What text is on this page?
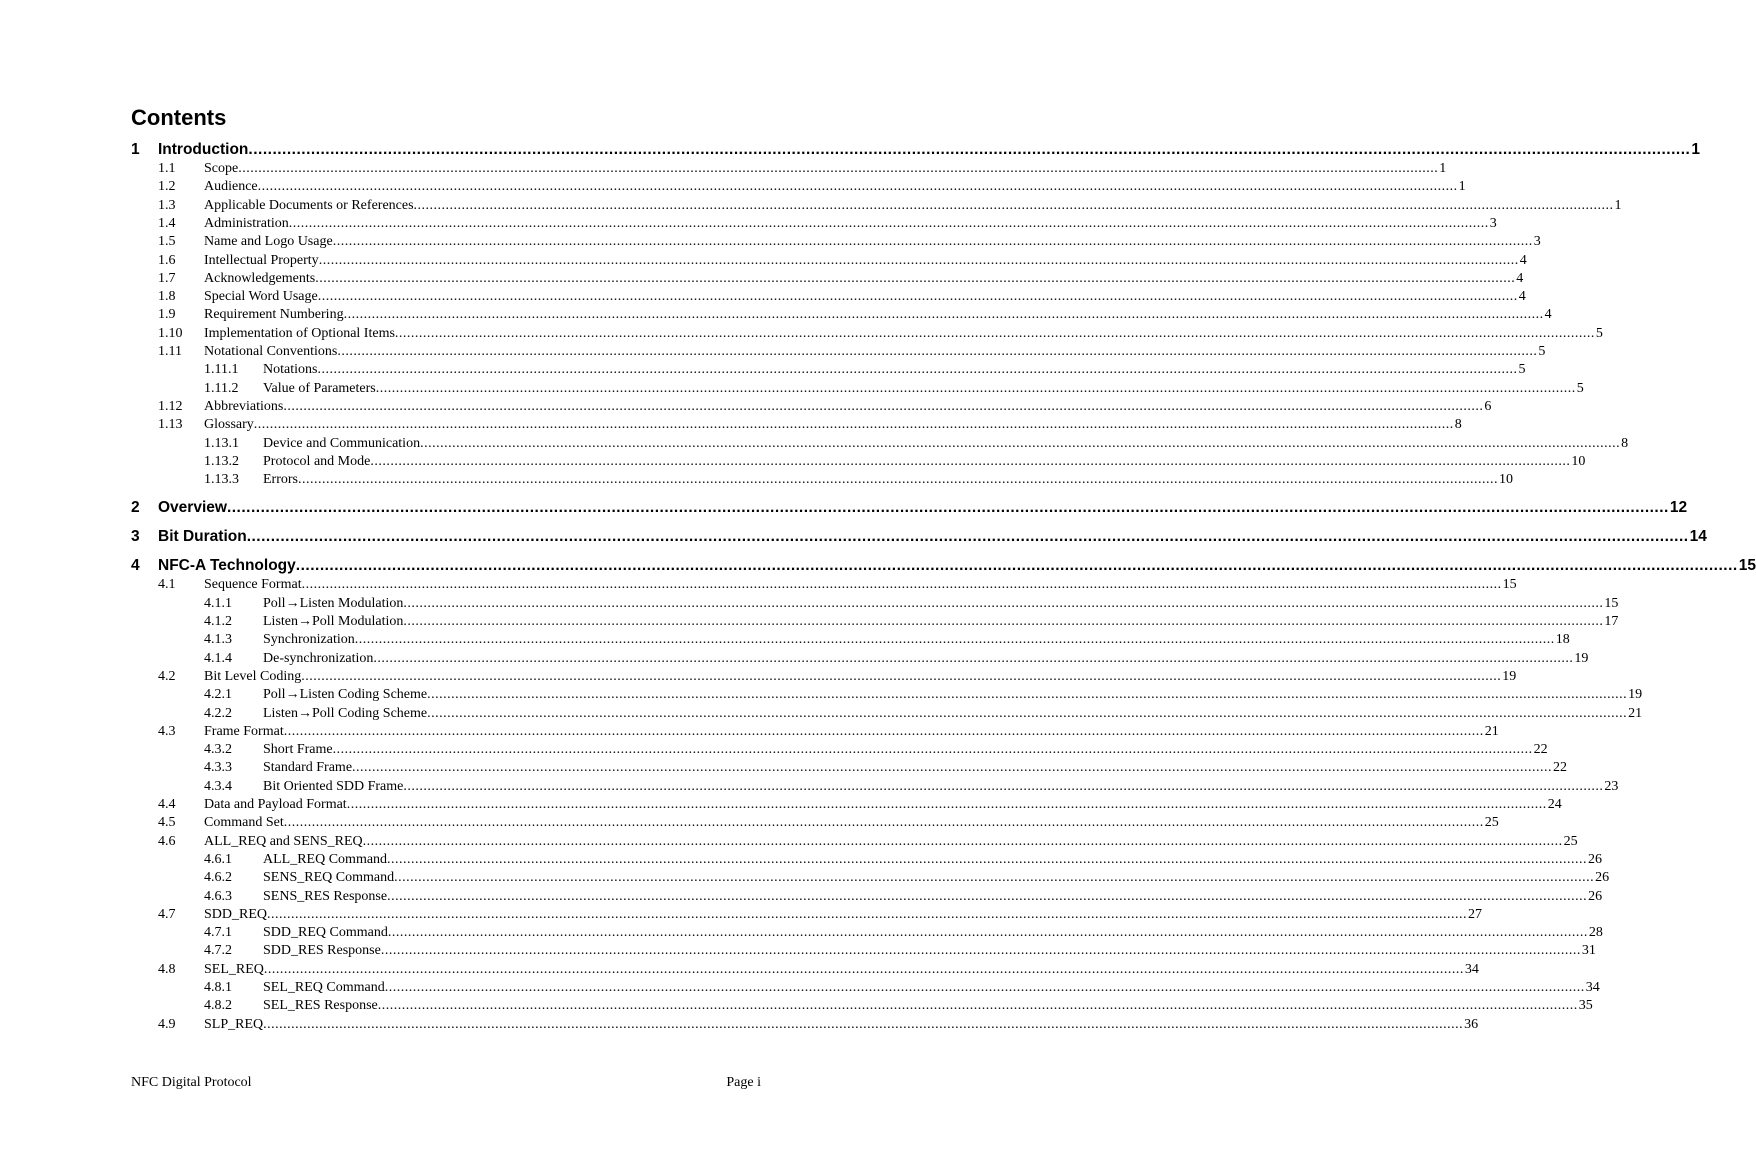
Contents
1	Introduction ............................................................................................................................................................................................................................................................................................................ 1
1.1	Scope ............................................................................................................................................................................................................................................................................................................ 1
1.2	Audience ............................................................................................................................................................................................................................................................................................................ 1
1.3	Applicable Documents or References ............................................................................................................................................................................................................................................................................................................ 1
1.4	Administration ............................................................................................................................................................................................................................................................................................................ 3
1.5	Name and Logo Usage ............................................................................................................................................................................................................................................................................................................ 3
1.6	Intellectual Property ............................................................................................................................................................................................................................................................................................................ 4
1.7	Acknowledgements ............................................................................................................................................................................................................................................................................................................ 4
1.8	Special Word Usage ............................................................................................................................................................................................................................................................................................................ 4
1.9	Requirement Numbering ............................................................................................................................................................................................................................................................................................................ 4
1.10	Implementation of Optional Items ............................................................................................................................................................................................................................................................................................................ 5
1.11	Notational Conventions ............................................................................................................................................................................................................................................................................................................ 5
1.11.1	Notations ............................................................................................................................................................................................................................................................................................................ 5
1.11.2	Value of Parameters ............................................................................................................................................................................................................................................................................................................ 5
1.12	Abbreviations ............................................................................................................................................................................................................................................................................................................ 6
1.13	Glossary ............................................................................................................................................................................................................................................................................................................ 8
1.13.1	Device and Communication ............................................................................................................................................................................................................................................................................................................ 8
1.13.2	Protocol and Mode ............................................................................................................................................................................................................................................................................................................ 10
1.13.3	Errors ............................................................................................................................................................................................................................................................................................................ 10
2	Overview ............................................................................................................................................................................................................................................................................................................ 12
3	Bit Duration ............................................................................................................................................................................................................................................................................................................ 14
4	NFC-A Technology ............................................................................................................................................................................................................................................................................................................ 15
4.1	Sequence Format ............................................................................................................................................................................................................................................................................................................ 15
4.1.1	Poll→Listen Modulation ............................................................................................................................................................................................................................................................................................................ 15
4.1.2	Listen→Poll Modulation ............................................................................................................................................................................................................................................................................................................ 17
4.1.3	Synchronization ............................................................................................................................................................................................................................................................................................................ 18
4.1.4	De-synchronization ............................................................................................................................................................................................................................................................................................................ 19
4.2	Bit Level Coding ............................................................................................................................................................................................................................................................................................................ 19
4.2.1	Poll→Listen Coding Scheme ............................................................................................................................................................................................................................................................................................................ 19
4.2.2	Listen→Poll Coding Scheme ............................................................................................................................................................................................................................................................................................................ 21
4.3	Frame Format ............................................................................................................................................................................................................................................................................................................ 21
4.3.2	Short Frame ............................................................................................................................................................................................................................................................................................................ 22
4.3.3	Standard Frame ............................................................................................................................................................................................................................................................................................................ 22
4.3.4	Bit Oriented SDD Frame ............................................................................................................................................................................................................................................................................................................ 23
4.4	Data and Payload Format ............................................................................................................................................................................................................................................................................................................ 24
4.5	Command Set ............................................................................................................................................................................................................................................................................................................ 25
4.6	ALL_REQ and SENS_REQ ............................................................................................................................................................................................................................................................................................................ 25
4.6.1	ALL_REQ Command ............................................................................................................................................................................................................................................................................................................ 26
4.6.2	SENS_REQ Command ............................................................................................................................................................................................................................................................................................................ 26
4.6.3	SENS_RES Response ............................................................................................................................................................................................................................................................................................................ 26
4.7	SDD_REQ ............................................................................................................................................................................................................................................................................................................ 27
4.7.1	SDD_REQ Command ............................................................................................................................................................................................................................................................................................................ 28
4.7.2	SDD_RES Response ............................................................................................................................................................................................................................................................................................................ 31
4.8	SEL_REQ ............................................................................................................................................................................................................................................................................................................ 34
4.8.1	SEL_REQ Command ............................................................................................................................................................................................................................................................................................................ 34
4.8.2	SEL_RES Response ............................................................................................................................................................................................................................................................................................................ 35
4.9	SLP_REQ ............................................................................................................................................................................................................................................................................................................ 36
NFC Digital Protocol	Page i
